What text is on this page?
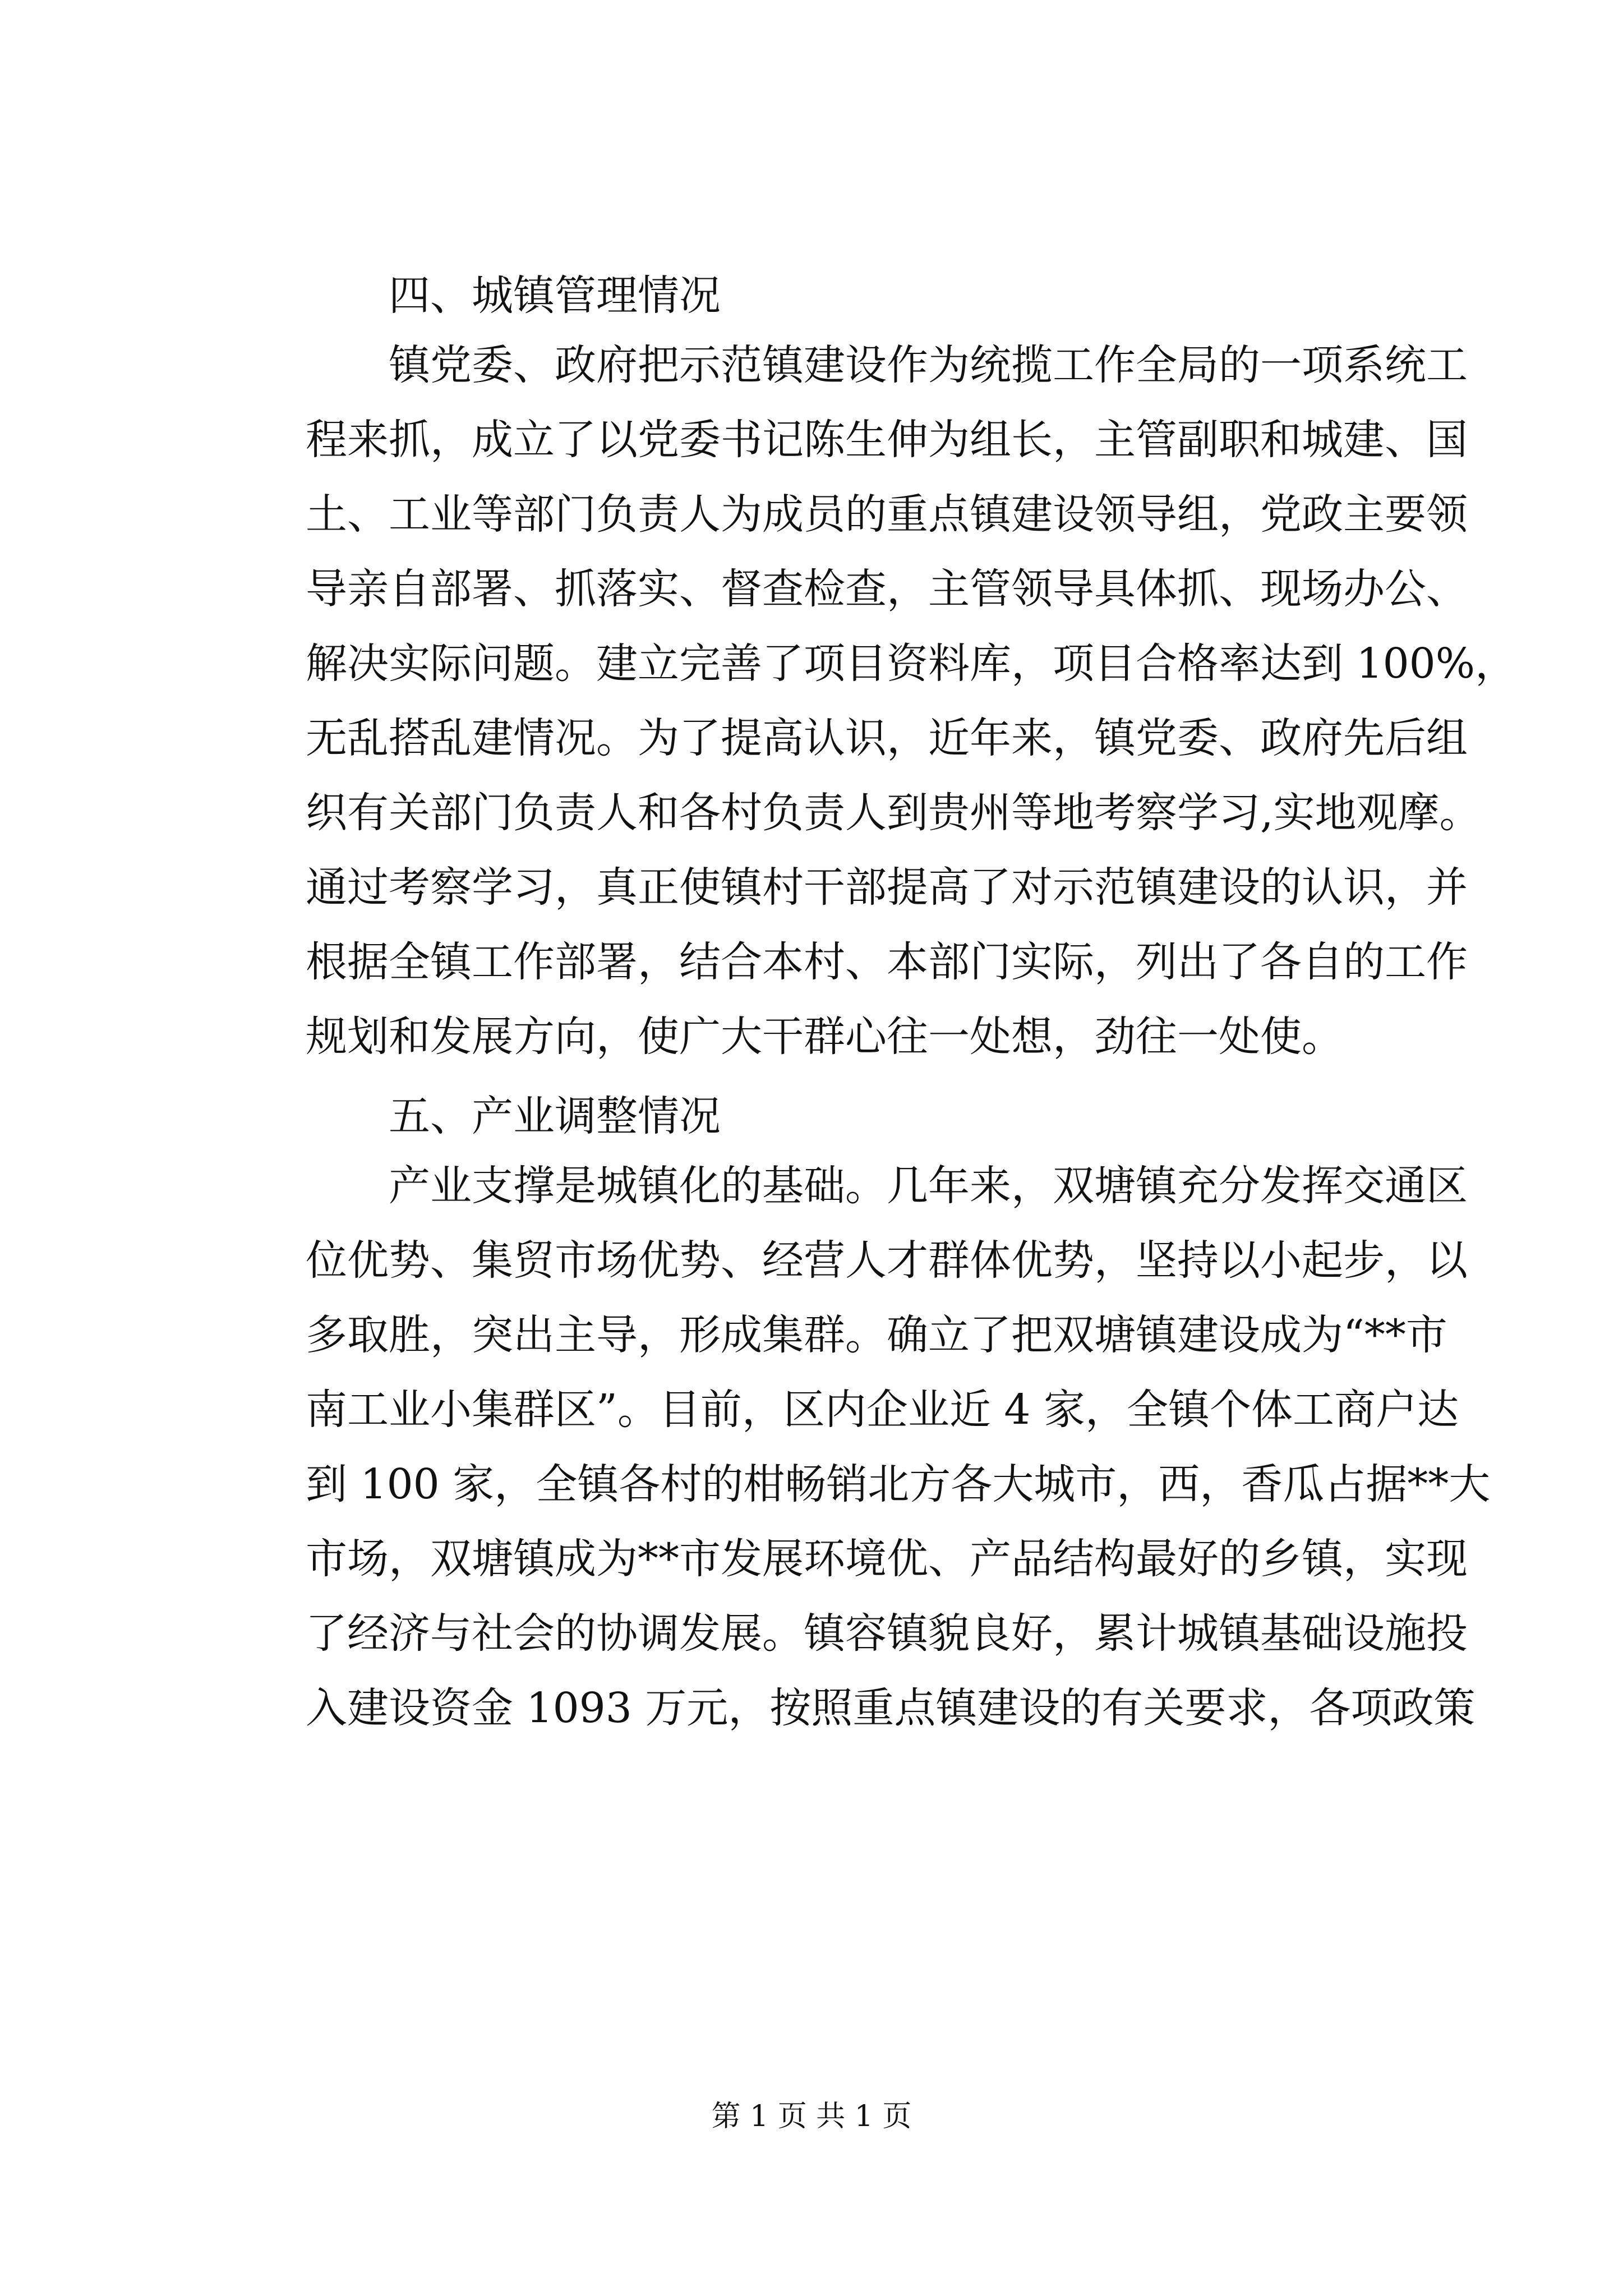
四、城镇管理情况

镇党委、政府把示范镇建设作为统揽工作全局的一项系统工

程来抓，成立了以党委书记陈生伸为组长，主管副职和城建、国

土、工业等部门负责人为成员的重点镇建设领导组，党政主要领

导亲自部署、抓落实、督查检查，主管领导具体抓、现场办公、

解决实际问题。建立完善了项目资料库，项目合格率达到 100%，

无乱搭乱建情况。为了提高认识，近年来，镇党委、政府先后组

织有关部门负责人和各村负责人到贵州等地考察学习,实地观摩。

通过考察学习，真正使镇村干部提高了对示范镇建设的认识，并

根据全镇工作部署，结合本村、本部门实际，列出了各自的工作

规划和发展方向，使广大干群心往一处想，劲往一处使。

五、产业调整情况

产业支撑是城镇化的基础。几年来，双塘镇充分发挥交通区

位优势、集贸市场优势、经营人才群体优势，坚持以小起步，以

多取胜，突出主导，形成集群。确立了把双塘镇建设成为“**市

南工业小集群区”。目前，区内企业近 4 家，全镇个体工商户达

到 100 家，全镇各村的柑畅销北方各大城市，西，香瓜占据**大

市场，双塘镇成为**市发展环境优、产品结构最好的乡镇，实现

了经济与社会的协调发展。镇容镇貌良好，累计城镇基础设施投

入建设资金 1093 万元，按照重点镇建设的有关要求，各项政策

第 1 页 共 1 页
